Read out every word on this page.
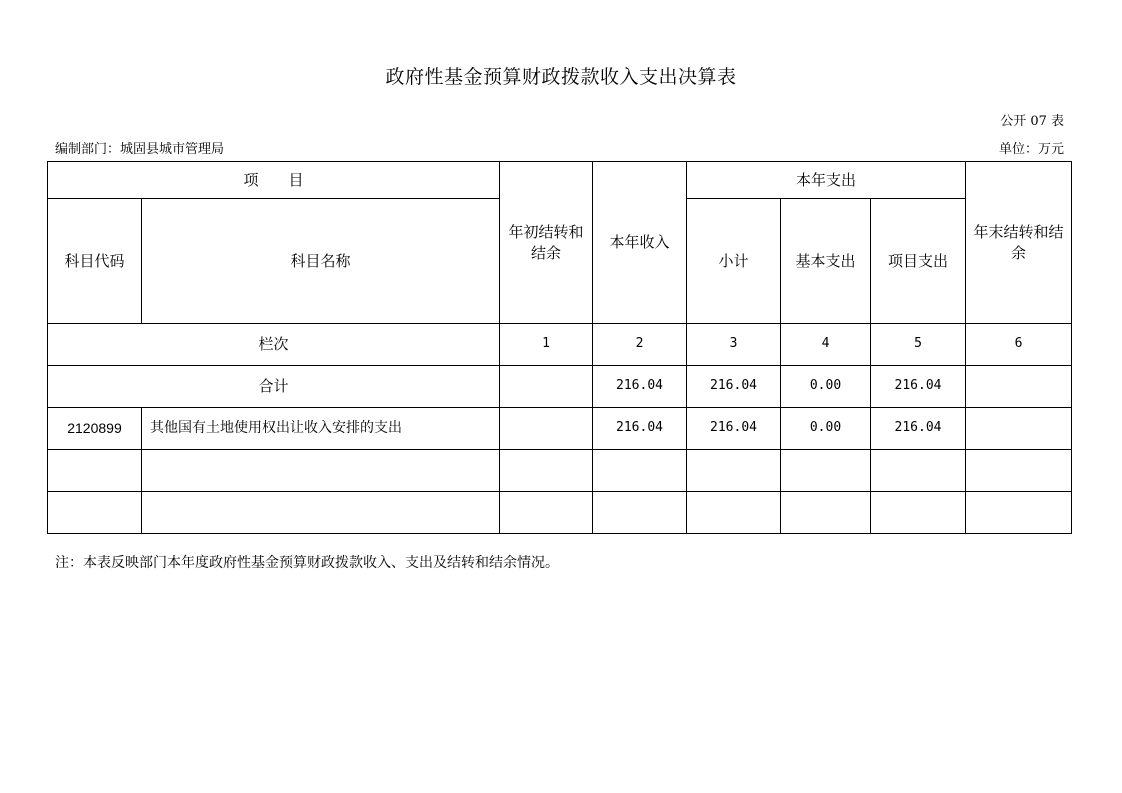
政府性基金预算财政拨款收入支出决算表
公开 07 表
编制部门：城固县城市管理局	单位：万元
项　　目		年初结转和结余	本年收入	本年支出			年末结转和结余
科目代码	科目名称			小计	基本支出	项目支出	
栏次		1	2	3	4	5	6
合计			216.04	216.04	0.00	216.04	
2120899	其他国有土地使用权出让收入安排的支出		216.04	216.04	0.00	216.04	

注：本表反映部门本年度政府性基金预算财政拨款收入、支出及结转和结余情况。
